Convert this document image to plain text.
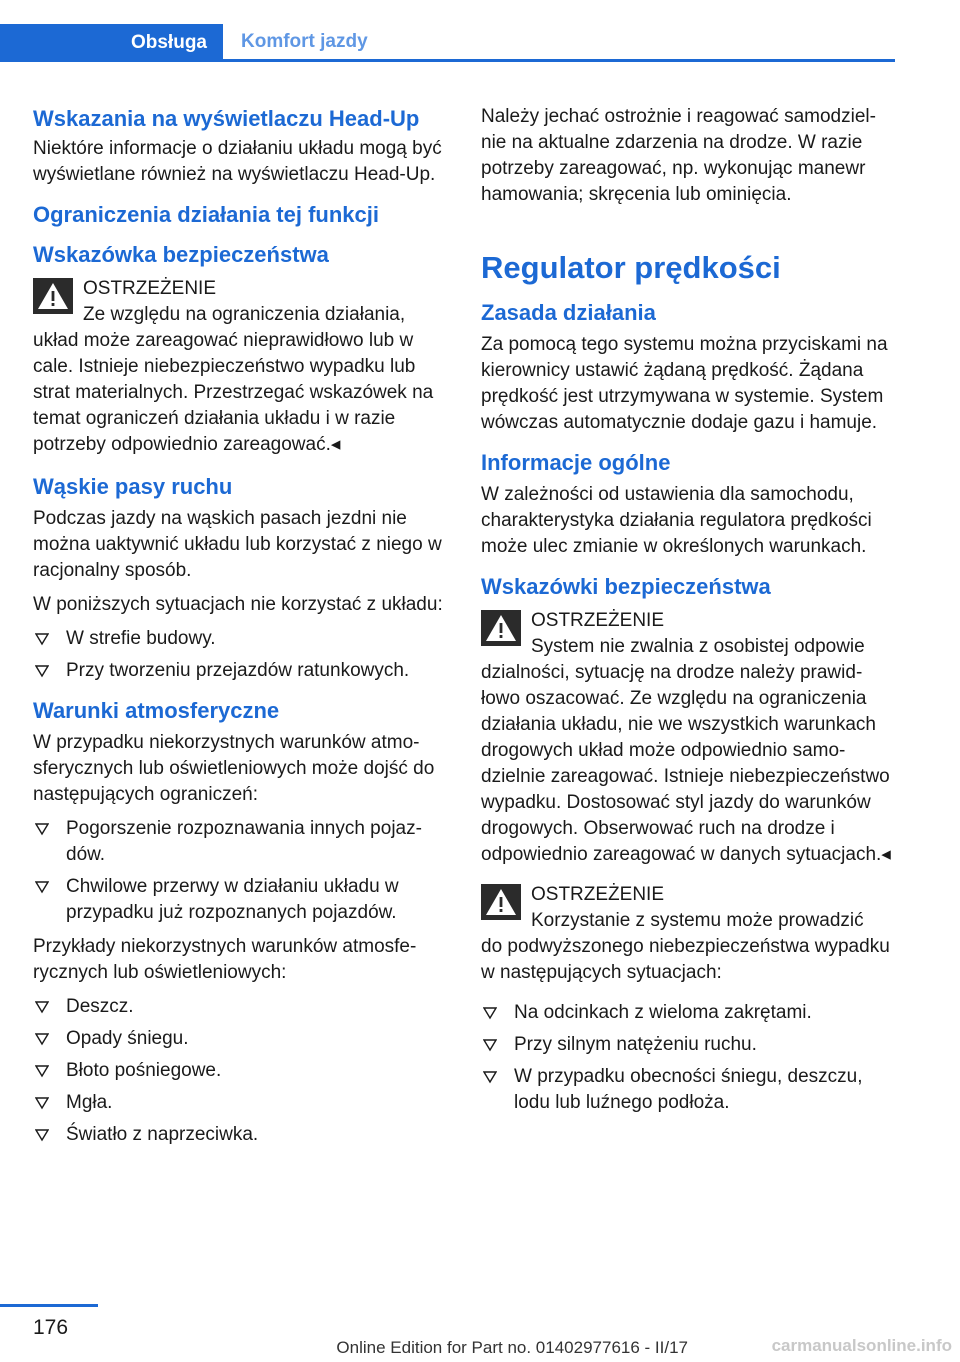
Obsługa	Komfort jazdy
Wskazania na wyświetlaczu Head-Up

Niektóre informacje o działaniu układu mogą być wyświetlane również na wyświetlaczu Head-Up.

Ograniczenia działania tej funkcji
Wskazówka bezpieczeństwa
OSTRZEŻENIE
Ze względu na ograniczenia działania,
układ może zareagować nieprawidłowo lub w cale. Istnieje niebezpieczeństwo wypadku lub strat materialnych. Przestrzegać wskazówek na temat ograniczeń działania układu i w razie potrzeby odpowiednio zareagować.◂
Wąskie pasy ruchu

Podczas jazdy na wąskich pasach jezdni nie można uaktywnić układu lub korzystać z niego w racjonalny sposób.

W poniższych sytuacjach nie korzystać z układu:

W strefie budowy.
Przy tworzeniu przejazdów ratunkowych.
Warunki atmosferyczne

W przypadku niekorzystnych warunków atmosferycznych lub oświetleniowych może dojść do następujących ograniczeń:

Pogorszenie rozpoznawania innych pojazdów.
Chwilowe przerwy w działaniu układu w przypadku już rozpoznanych pojazdów.

Przykłady niekorzystnych warunków atmosferycznych lub oświetleniowych:

Deszcz.
Opady śniegu.
Błoto pośniegowe.
Mgła.
Światło z naprzeciwka.

Należy jechać ostrożnie i reagować samodzielnie na aktualne zdarzenia na drodze. W razie potrzeby zareagować, np. wykonując manewr hamowania; skręcenia lub ominięcia.

Regulator prędkości
Zasada działania

Za pomocą tego systemu można przyciskami na kierownicy ustawić żądaną prędkość. Żądana prędkość jest utrzymywana w systemie. System wówczas automatycznie dodaje gazu i hamuje.

Informacje ogólne

W zależności od ustawienia dla samochodu, charakterystyka działania regulatora prędkości może ulec zmianie w określonych warunkach.

Wskazówki bezpieczeństwa
OSTRZEŻENIE
System nie zwalnia z osobistej odpowie
dzialności, sytuację na drodze należy prawidłowo oszacować. Ze względu na ograniczenia działania układu, nie we wszystkich warunkach drogowych układ może odpowiednio samodzielnie zareagować. Istnieje niebezpieczeństwo wypadku. Dostosować styl jazdy do warunków drogowych. Obserwować ruch na drodze i odpowiednio zareagować w danych sytuacjach.◂
OSTRZEŻENIE
Korzystanie z systemu może prowadzić
do podwyższonego niebezpieczeństwa wypadku w następujących sytuacjach:
Na odcinkach z wieloma zakrętami.
Przy silnym natężeniu ruchu.
W przypadku obecności śniegu, deszczu, lodu lub luźnego podłoża.
176
Online Edition for Part no. 01402977616 - II/17	carmanualsonline.info
